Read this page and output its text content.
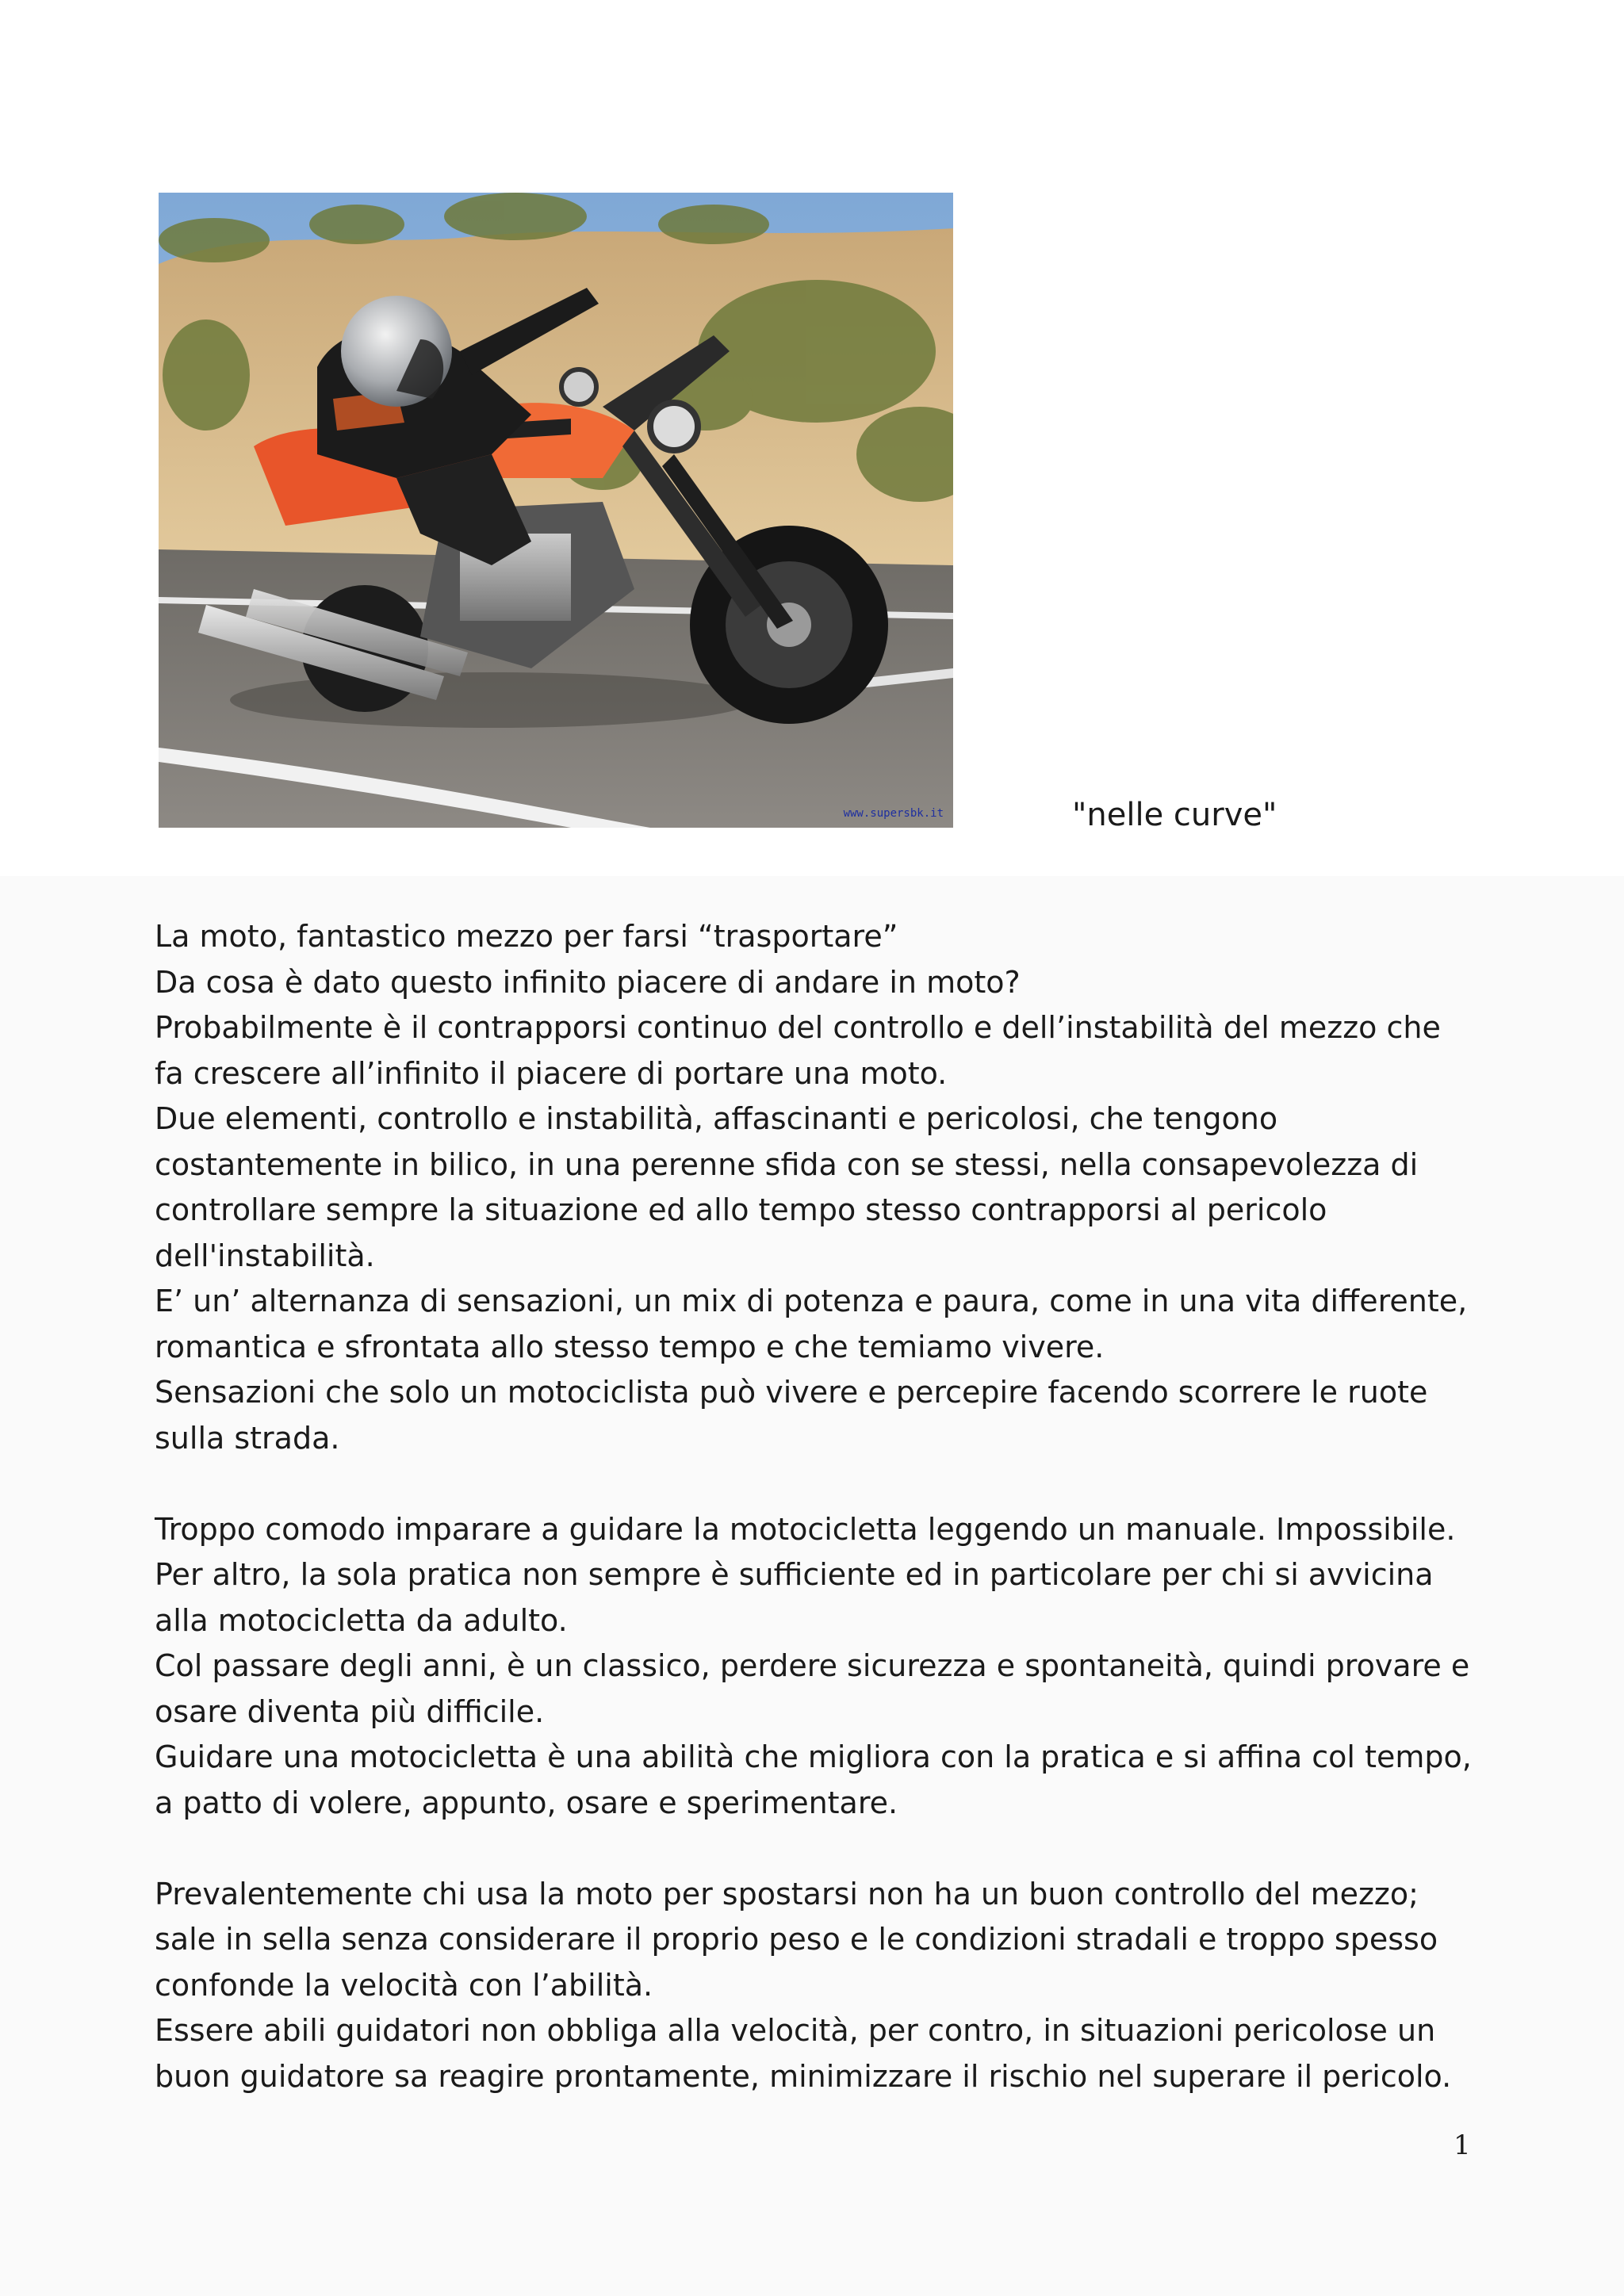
www.supersbk.it	"nelle curve"
La moto, fantastico mezzo per farsi “trasportare”
Da cosa è dato questo infinito piacere di andare in moto?
Probabilmente è il contrapporsi continuo del controllo e dell’instabilità del mezzo che
fa crescere all’infinito il piacere di portare una moto.
Due elementi, controllo e instabilità, affascinanti e pericolosi, che tengono
costantemente in bilico, in una perenne sfida con se stessi, nella consapevolezza di
controllare sempre la situazione ed allo tempo stesso contrapporsi al pericolo
dell'instabilità.
E’ un’ alternanza di sensazioni, un mix di potenza e paura, come in una vita differente,
romantica e sfrontata allo stesso tempo e che temiamo vivere.
Sensazioni che solo un motociclista può vivere e percepire facendo scorrere le ruote
sulla strada.
Troppo comodo imparare a guidare la motocicletta leggendo un manuale. Impossibile.
Per altro, la sola pratica non sempre è sufficiente ed in particolare per chi si avvicina
alla motocicletta da adulto.
Col passare degli anni, è un classico, perdere sicurezza e spontaneità, quindi provare e
osare diventa più difficile.
Guidare una motocicletta è una abilità che migliora con la pratica e si affina col tempo,
a patto di volere, appunto, osare e sperimentare.
Prevalentemente chi usa la moto per spostarsi non ha un buon controllo del mezzo;
sale in sella senza considerare il proprio peso e le condizioni stradali e troppo spesso
confonde la velocità con l’abilità.
Essere abili guidatori non obbliga alla velocità, per contro, in situazioni pericolose un
buon guidatore sa reagire prontamente, minimizzare il rischio nel superare il pericolo.
1
